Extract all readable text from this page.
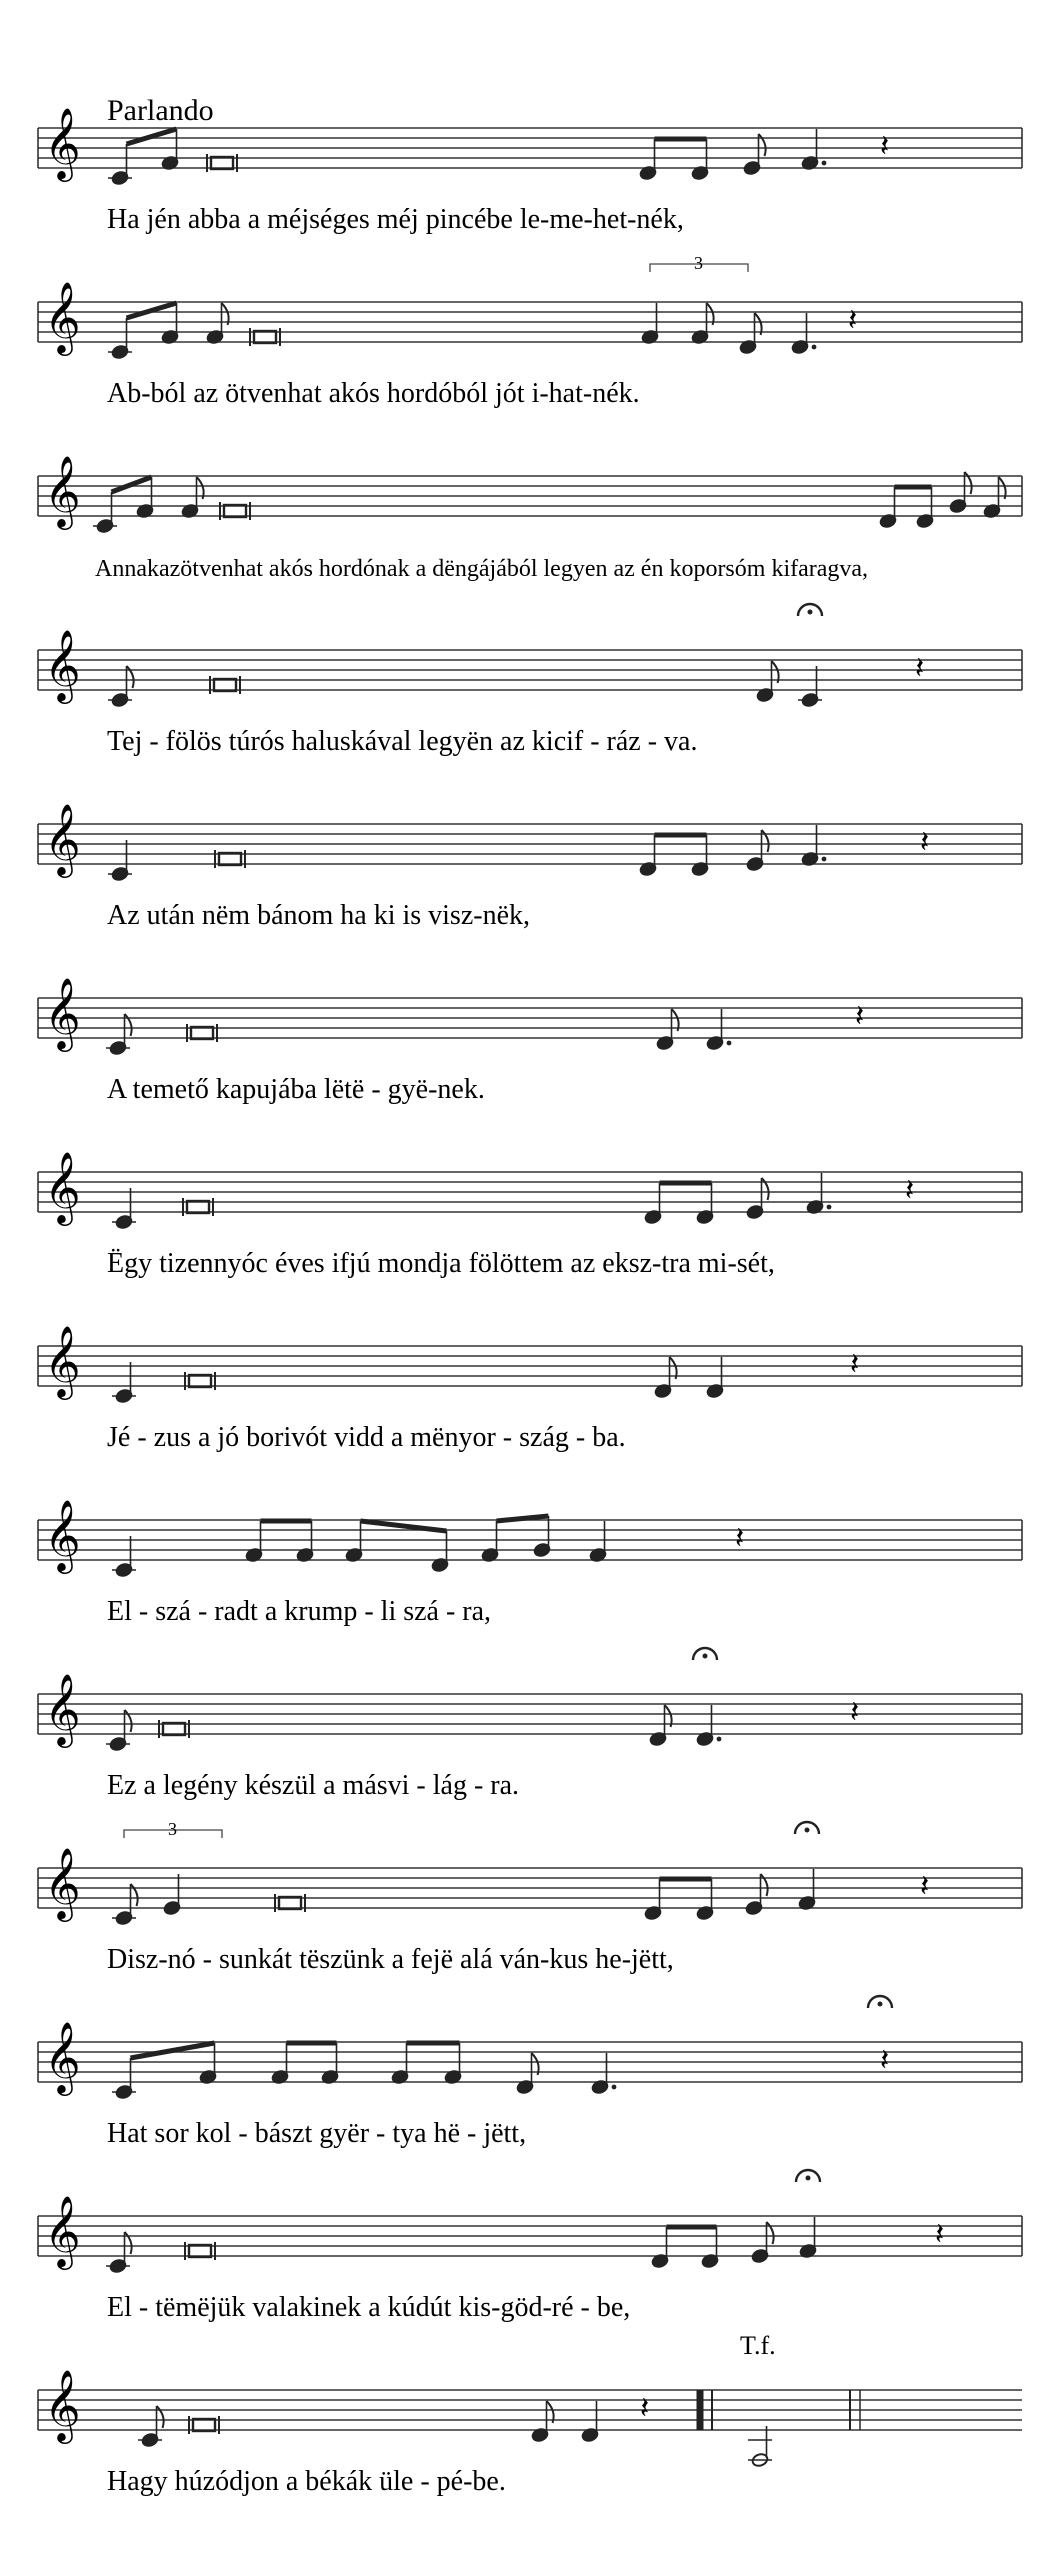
Parlando
𝄞	𝄽
Ha jén abba a méjséges méj pincébe le-me-het-nék,
𝄞	𝄽
Ab-ból az ötvenhat akós hordóból jót i-hat-nék.
𝄞
Annakazötvenhat akós hordónak a dëngájából legyen az én koporsóm kifaragva,
𝄞	𝄽
Tej - fölös túrós haluskával legyën az kicif - ráz - va.
𝄞	𝄽
Az után nëm bánom ha ki is visz-nëk,
𝄞	𝄽
A temető kapujába lëtë - gyë-nek.
𝄞	𝄽
Ëgy tizennyóc éves ifjú mondja fölöttem az eksz-tra mi-sét,
𝄞	𝄽
Jé - zus a jó borivót vidd a mënyor - szág - ba.
𝄞	𝄽
El - szá - radt a krump - li szá - ra,
𝄞	𝄽
Ez a legény készül a másvi - lág - ra.
𝄞	𝄽
Disz-nó - sunkát tëszünk a fejë alá ván-kus he-jëtt,
𝄞	𝄽
Hat sor kol - bászt gyër - tya hë - jëtt,
𝄞	𝄽
El - tëmëjük valakinek a kúdút kis-göd-ré - be,
𝄞	𝄽
Hagy húzódjon a békák üle - pé-be.
3
3
T.f.
